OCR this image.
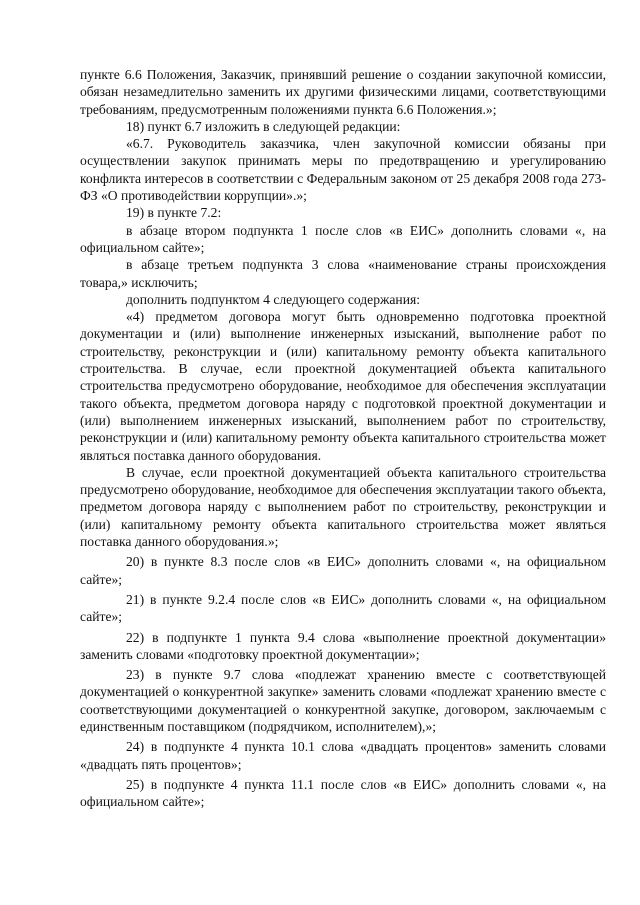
пункте 6.6 Положения, Заказчик, принявший решение о создании закупочной комиссии, обязан незамедлительно заменить их другими физическими лицами, соответствующими требованиям, предусмотренным положениями пункта 6.6 Положения.»;

18) пункт 6.7 изложить в следующей редакции:

«6.7. Руководитель заказчика, член закупочной комиссии обязаны при осуществлении закупок принимать меры по предотвращению и урегулированию конфликта интересов в соответствии с Федеральным законом от 25 декабря 2008 года 273-ФЗ «О противодействии коррупции».»;

19) в пункте 7.2:

в абзаце втором подпункта 1 после слов «в ЕИС» дополнить словами «, на официальном сайте»;

в абзаце третьем подпункта 3 слова «наименование страны происхождения товара,» исключить;

дополнить подпунктом 4 следующего содержания:

«4) предметом договора могут быть одновременно подготовка проектной документации и (или) выполнение инженерных изысканий, выполнение работ по строительству, реконструкции и (или) капитальному ремонту объекта капитального строительства. В случае, если проектной документацией объекта капитального строительства предусмотрено оборудование, необходимое для обеспечения эксплуатации такого объекта, предметом договора наряду с подготовкой проектной документации и (или) выполнением инженерных изысканий, выполнением работ по строительству, реконструкции и (или) капитальному ремонту объекта капитального строительства может являться поставка данного оборудования.

В случае, если проектной документацией объекта капитального строительства предусмотрено оборудование, необходимое для обеспечения эксплуатации такого объекта, предметом договора наряду с выполнением работ по строительству, реконструкции и (или) капитальному ремонту объекта капитального строительства может являться поставка данного оборудования.»;

20) в пункте 8.3 после слов «в ЕИС» дополнить словами «, на официальном сайте»;

21) в пункте 9.2.4 после слов «в ЕИС» дополнить словами «, на официальном сайте»;

22) в подпункте 1 пункта 9.4 слова «выполнение проектной документации» заменить словами «подготовку проектной документации»;

23) в пункте 9.7 слова «подлежат хранению вместе с соответствующей документацией о конкурентной закупке» заменить словами «подлежат хранению вместе с соответствующими документацией о конкурентной закупке, договором, заключаемым с единственным поставщиком (подрядчиком, исполнителем),»;

24) в подпункте 4 пункта 10.1 слова «двадцать процентов» заменить словами «двадцать пять процентов»;

25) в подпункте 4 пункта 11.1 после слов «в ЕИС» дополнить словами «, на официальном сайте»;
